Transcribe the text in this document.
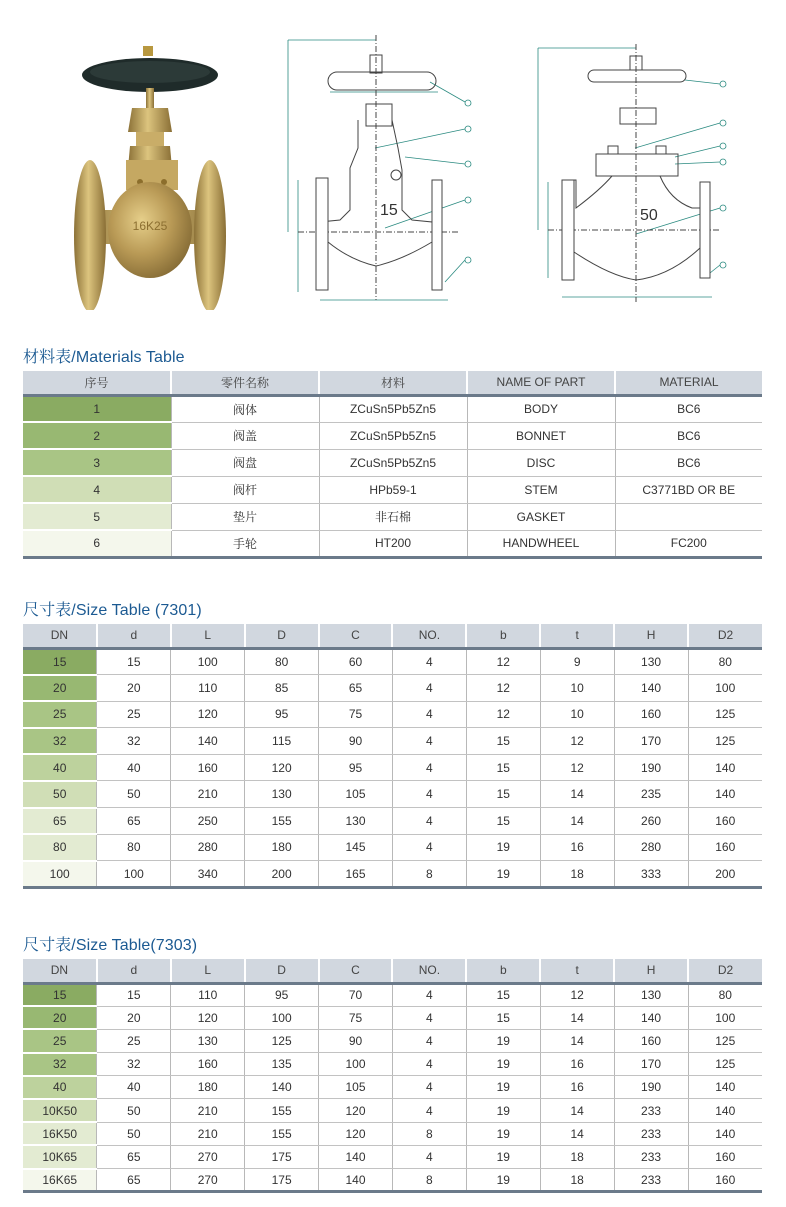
16K25
15	50
材料表/Materials Table
序号	零件名称	材料	NAME OF PART	MATERIAL
1	阀体	ZCuSn5Pb5Zn5	BODY	BC6
2	阀盖	ZCuSn5Pb5Zn5	BONNET	BC6
3	阀盘	ZCuSn5Pb5Zn5	DISC	BC6
4	阀杆	HPb59-1	STEM	C3771BD OR BE
5	垫片	非石棉	GASKET	
6	手轮	HT200	HANDWHEEL	FC200
尺寸表/Size Table (7301)
DN	d	L	D	C	NO.	b	t	H	D2
15	15	100	80	60	4	12	9	130	80
20	20	110	85	65	4	12	10	140	100
25	25	120	95	75	4	12	10	160	125
32	32	140	115	90	4	15	12	170	125
40	40	160	120	95	4	15	12	190	140
50	50	210	130	105	4	15	14	235	140
65	65	250	155	130	4	15	14	260	160
80	80	280	180	145	4	19	16	280	160
100	100	340	200	165	8	19	18	333	200
尺寸表/Size Table(7303)
DN	d	L	D	C	NO.	b	t	H	D2
15	15	110	95	70	4	15	12	130	80
20	20	120	100	75	4	15	14	140	100
25	25	130	125	90	4	19	14	160	125
32	32	160	135	100	4	19	16	170	125
40	40	180	140	105	4	19	16	190	140
10K50	50	210	155	120	4	19	14	233	140
16K50	50	210	155	120	8	19	14	233	140
10K65	65	270	175	140	4	19	18	233	160
16K65	65	270	175	140	8	19	18	233	160
